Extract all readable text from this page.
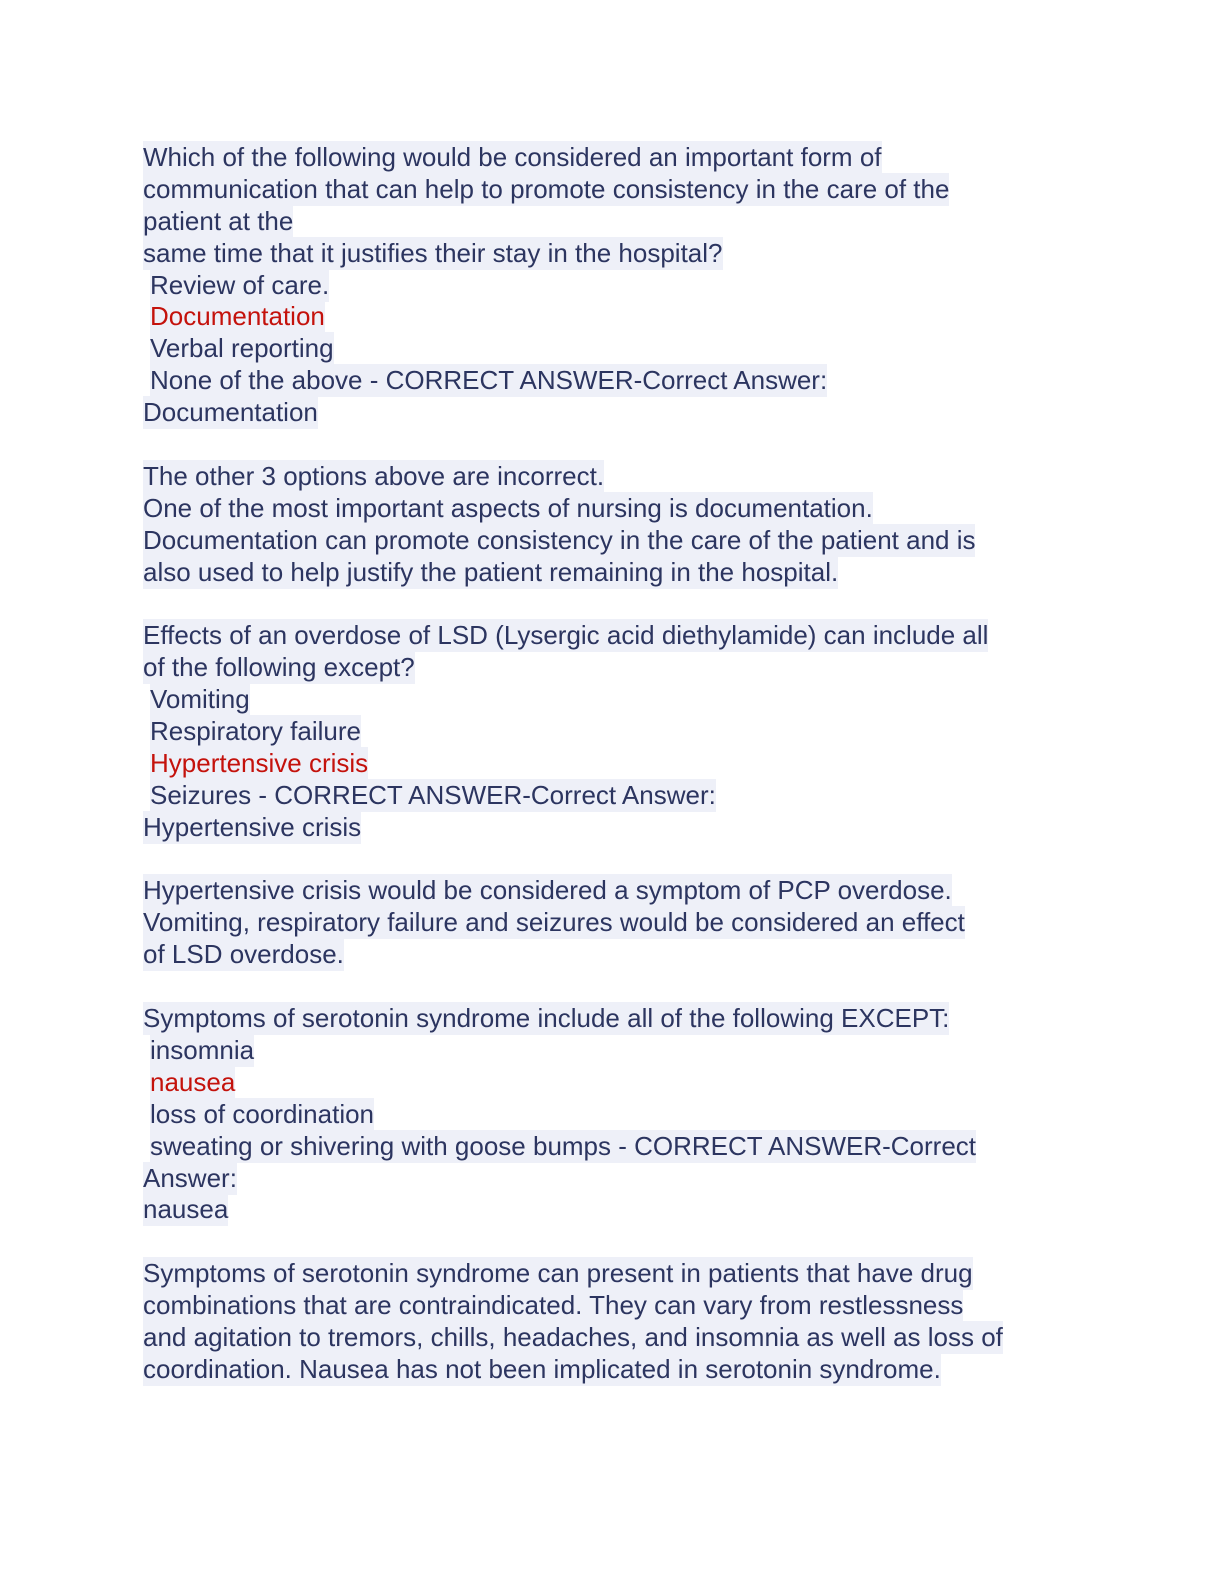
Which of the following would be considered an important form of
communication that can help to promote consistency in the care of the
patient at the
same time that it justifies their stay in the hospital?
Review of care.
Documentation
Verbal reporting
None of the above - CORRECT ANSWER-Correct Answer:
Documentation
The other 3 options above are incorrect.
One of the most important aspects of nursing is documentation.
Documentation can promote consistency in the care of the patient and is
also used to help justify the patient remaining in the hospital.
Effects of an overdose of LSD (Lysergic acid diethylamide) can include all
of the following except?
Vomiting
Respiratory failure
Hypertensive crisis
Seizures - CORRECT ANSWER-Correct Answer:
Hypertensive crisis
Hypertensive crisis would be considered a symptom of PCP overdose.
Vomiting, respiratory failure and seizures would be considered an effect
of LSD overdose.
Symptoms of serotonin syndrome include all of the following EXCEPT:
insomnia
nausea
loss of coordination
sweating or shivering with goose bumps - CORRECT ANSWER-Correct
Answer:
nausea
Symptoms of serotonin syndrome can present in patients that have drug
combinations that are contraindicated. They can vary from restlessness
and agitation to tremors, chills, headaches, and insomnia as well as loss of
coordination. Nausea has not been implicated in serotonin syndrome.
